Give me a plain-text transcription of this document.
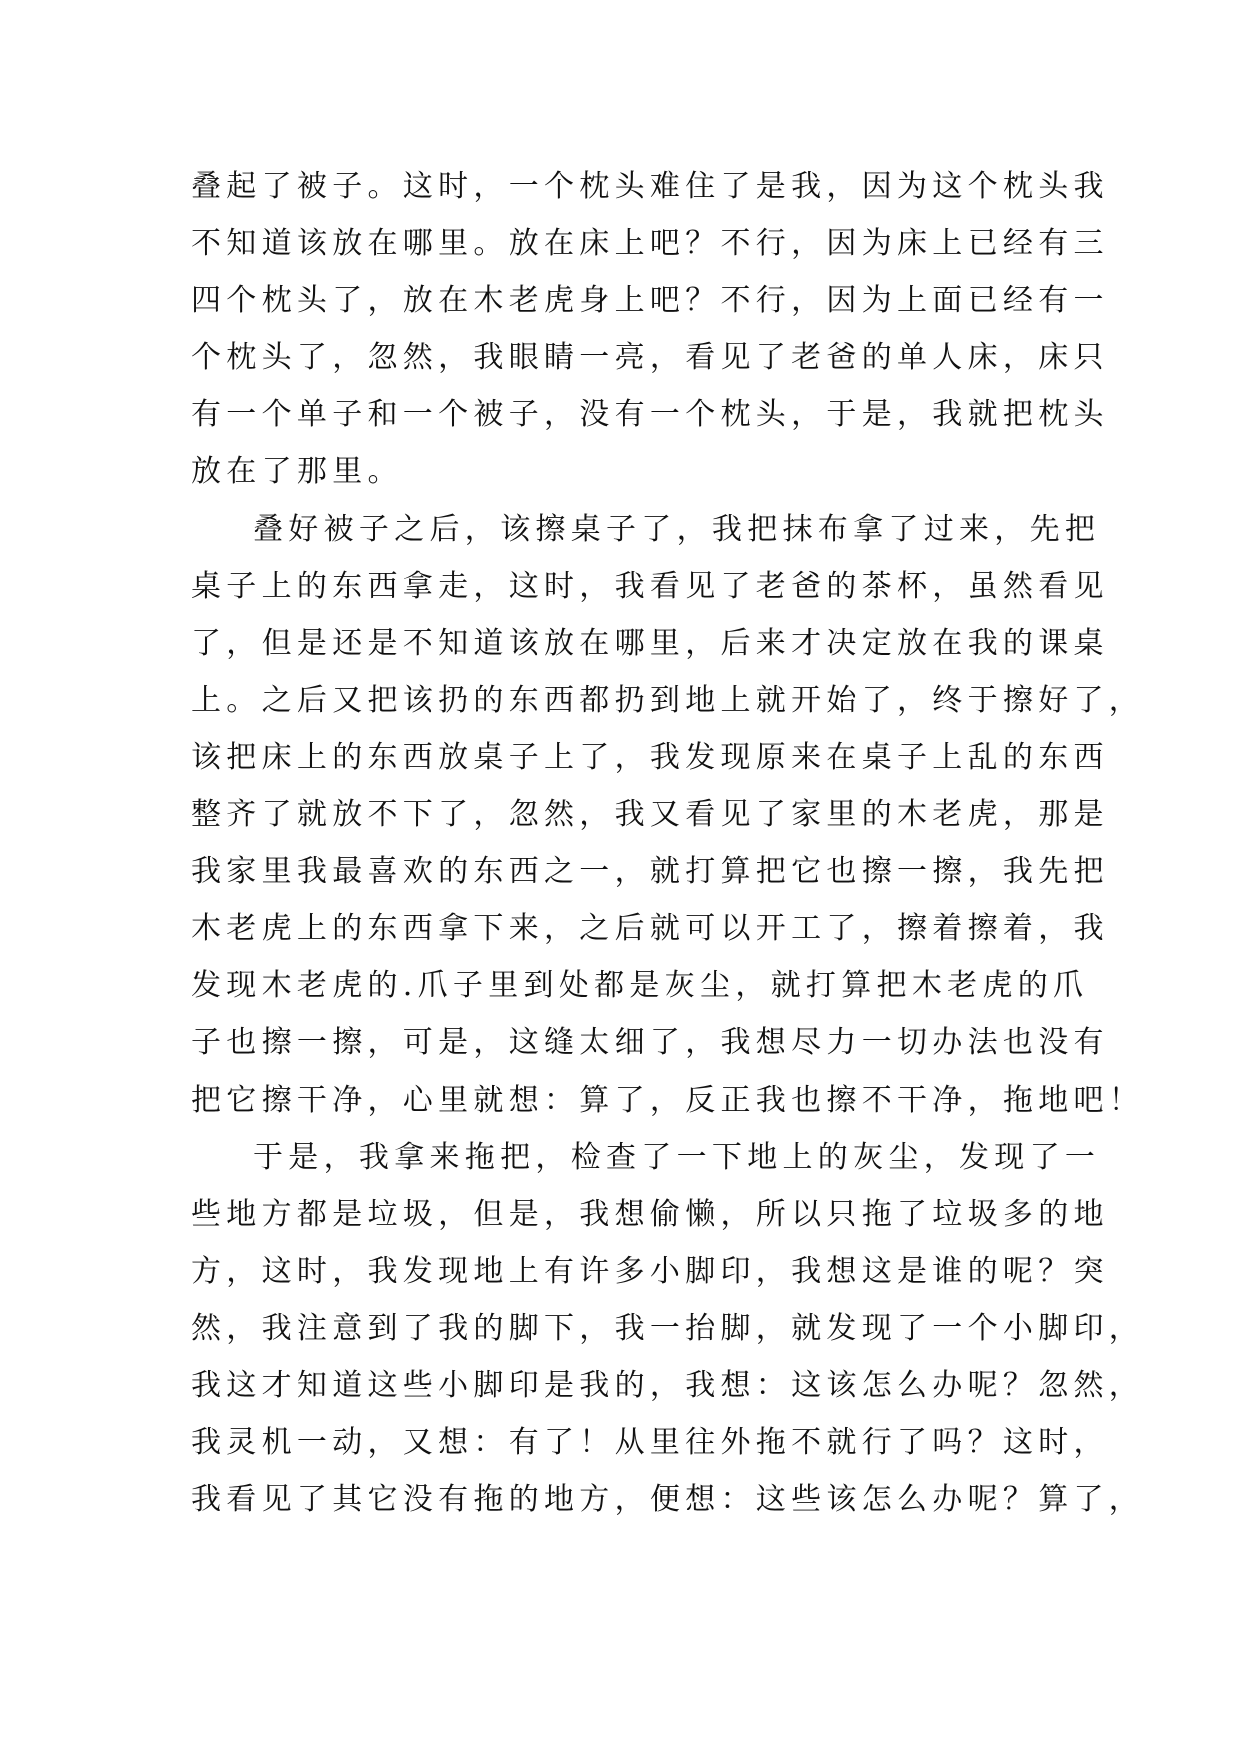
叠起了被子。这时，一个枕头难住了是我，因为这个枕头我
不知道该放在哪里。放在床上吧？不行，因为床上已经有三
四个枕头了，放在木老虎身上吧？不行，因为上面已经有一
个枕头了，忽然，我眼睛一亮，看见了老爸的单人床，床只
有一个单子和一个被子，没有一个枕头，于是，我就把枕头
放在了那里。
叠好被子之后，该擦桌子了，我把抹布拿了过来，先把
桌子上的东西拿走，这时，我看见了老爸的茶杯，虽然看见
了，但是还是不知道该放在哪里，后来才决定放在我的课桌
上。之后又把该扔的东西都扔到地上就开始了，终于擦好了，
该把床上的东西放桌子上了，我发现原来在桌子上乱的东西
整齐了就放不下了，忽然，我又看见了家里的木老虎，那是
我家里我最喜欢的东西之一，就打算把它也擦一擦，我先把
木老虎上的东西拿下来，之后就可以开工了，擦着擦着，我
发现木老虎的.爪子里到处都是灰尘，就打算把木老虎的爪
子也擦一擦，可是，这缝太细了，我想尽力一切办法也没有
把它擦干净，心里就想：算了，反正我也擦不干净，拖地吧！
于是，我拿来拖把，检查了一下地上的灰尘，发现了一
些地方都是垃圾，但是，我想偷懒，所以只拖了垃圾多的地
方，这时，我发现地上有许多小脚印，我想这是谁的呢？突
然，我注意到了我的脚下，我一抬脚，就发现了一个小脚印，
我这才知道这些小脚印是我的，我想：这该怎么办呢？忽然，
我灵机一动，又想：有了！从里往外拖不就行了吗？这时，
我看见了其它没有拖的地方，便想：这些该怎么办呢？算了，
